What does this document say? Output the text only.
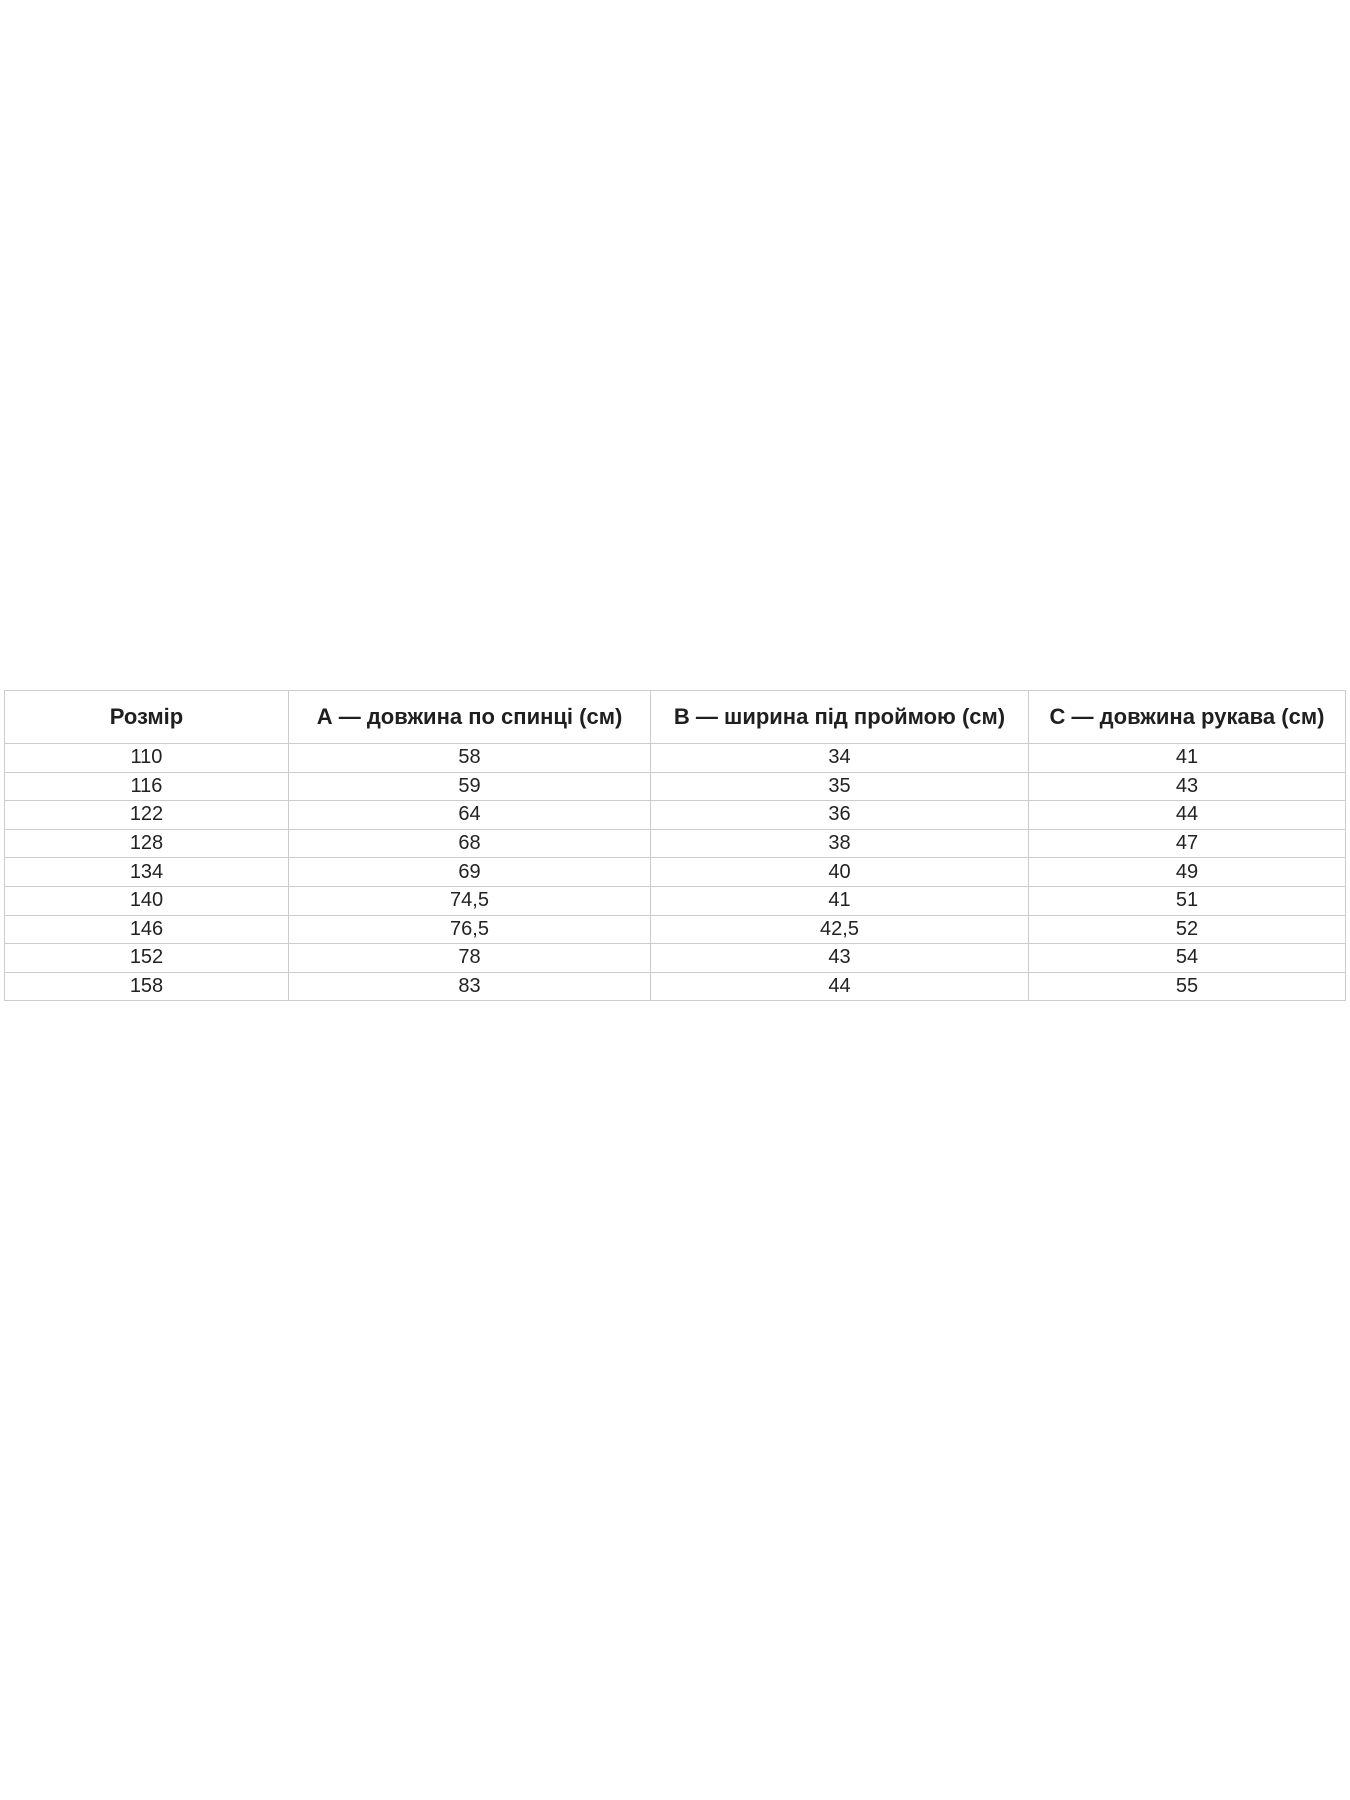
Розмір	А — довжина по спинці (см)	В — ширина під проймою (см)	С — довжина рукава (см)
110	58	34	41
116	59	35	43
122	64	36	44
128	68	38	47
134	69	40	49
140	74,5	41	51
146	76,5	42,5	52
152	78	43	54
158	83	44	55
